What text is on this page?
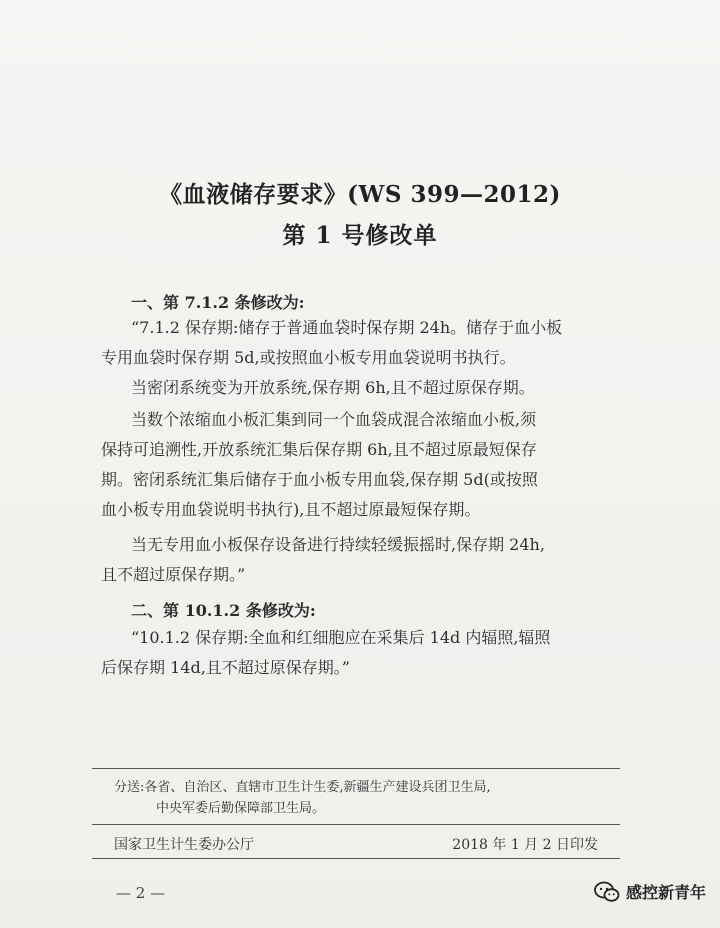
《血液储存要求》(WS 399—2012)
第 1 号修改单
一、第 7.1.2 条修改为:
“7.1.2 保存期:储存于普通血袋时保存期 24h。储存于血小板
专用血袋时保存期 5d,或按照血小板专用血袋说明书执行。
当密闭系统变为开放系统,保存期 6h,且不超过原保存期。
当数个浓缩血小板汇集到同一个血袋成混合浓缩血小板,须
保持可追溯性,开放系统汇集后保存期 6h,且不超过原最短保存
期。密闭系统汇集后储存于血小板专用血袋,保存期 5d(或按照
血小板专用血袋说明书执行),且不超过原最短保存期。
当无专用血小板保存设备进行持续轻缓振摇时,保存期 24h,
且不超过原保存期。”
二、第 10.1.2 条修改为:
“10.1.2 保存期:全血和红细胞应在采集后 14d 内辐照,辐照
后保存期 14d,且不超过原保存期。”
分送:各省、自治区、直辖市卫生计生委,新疆生产建设兵团卫生局,
中央军委后勤保障部卫生局。
国家卫生计生委办公厅	2018 年 1 月 2 日印发
— 2 —	感控新青年
